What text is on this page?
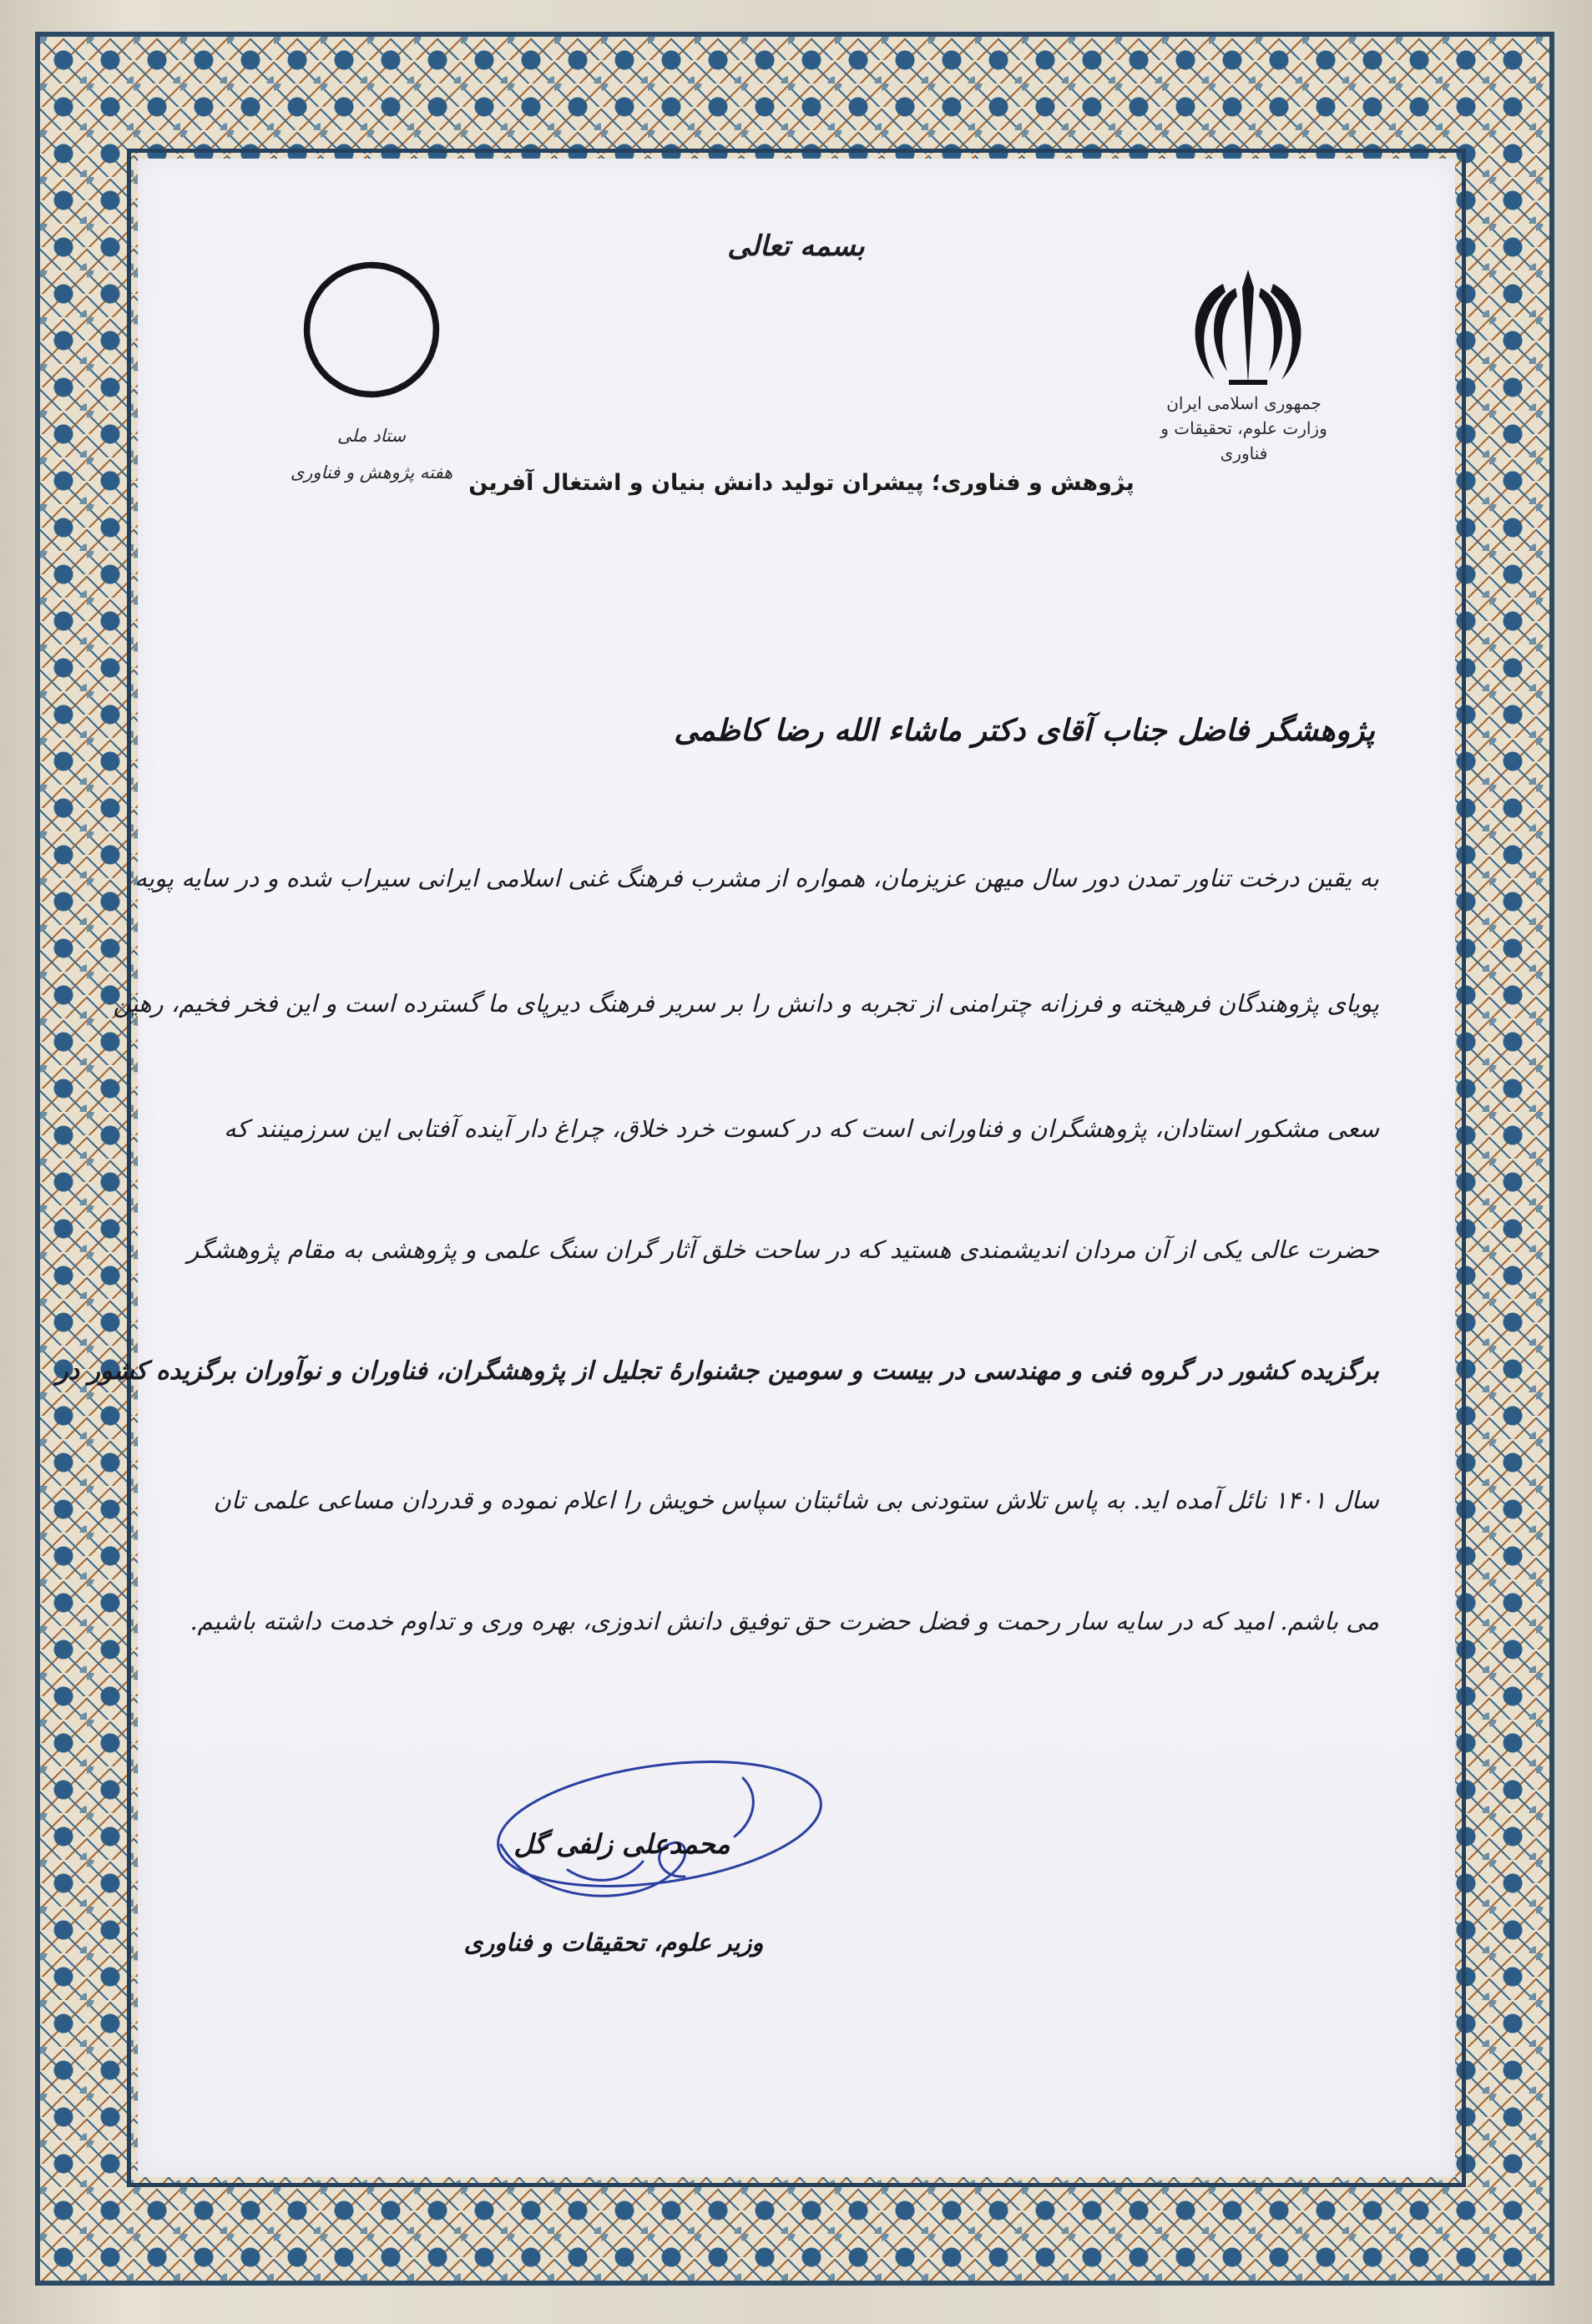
بسمه تعالی
جمهوری اسلامی ایران
وزارت علوم، تحقیقات و فناوری
ستاد ملی
هفته پژوهش و فناوری پژوهش و فناوری؛ پیشران تولید دانش بنیان و اشتغال آفرین
پژوهشگر فاضل جناب آقای دکتر ماشاء الله رضا کاظمی
به یقین درخت تناور تمدن دور سال میهن عزیزمان، همواره از مشرب فرهنگ غنی اسلامی ایرانی سیراب شده و در سایه پویه
پویای پژوهندگان فرهیخته و فرزانه چترامنی از تجربه و دانش را بر سریر فرهنگ دیرپای ما گسترده است و این فخر فخیم، رهین
سعی مشکور استادان، پژوهشگران و فناورانی است که در کسوت خرد خلاق، چراغ دار آینده آفتابی این سرزمینند که
حضرت عالی یکی از آن مردان اندیشمندی هستید که در ساحت خلق آثار گران سنگ علمی و پژوهشی به مقام پژوهشگر
برگزیده کشور در گروه فنی و مهندسی در بیست و سومین جشنوارهٔ تجلیل از پژوهشگران، فناوران و نوآوران برگزیده کشور در
سال ۱۴۰۱ نائل آمده اید. به پاس تلاش ستودنی بی شائبتان سپاس خویش را اعلام نموده و قدردان مساعی علمی تان
می باشم. امید که در سایه سار رحمت و فضل حضرت حق توفیق دانش اندوزی، بهره وری و تداوم خدمت داشته باشیم.
محمدعلی زلفی گل
وزیر علوم، تحقیقات و فناوری
